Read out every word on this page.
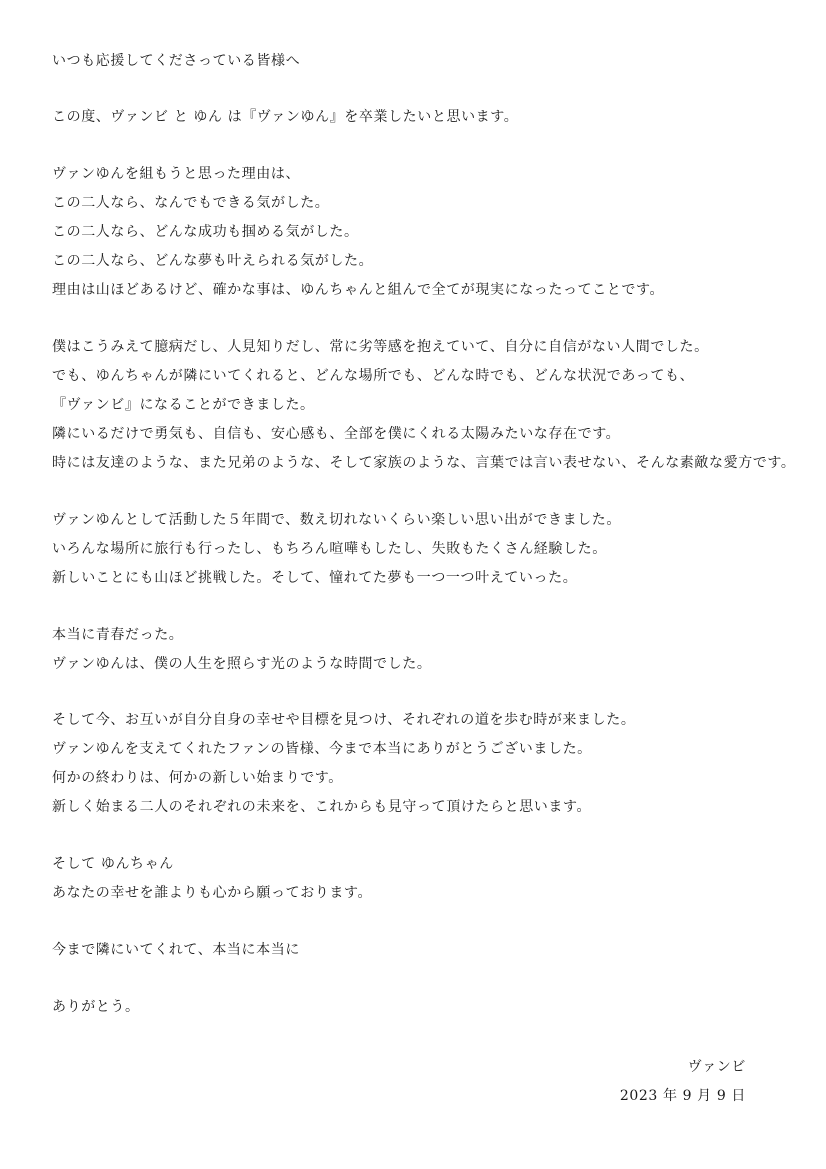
いつも応援してくださっている皆様へ
この度、ヴァンビ と ゆん は『ヴァンゆん』を卒業したいと思います。
ヴァンゆんを組もうと思った理由は、
この二人なら、なんでもできる気がした。
この二人なら、どんな成功も掴める気がした。
この二人なら、どんな夢も叶えられる気がした。
理由は山ほどあるけど、確かな事は、ゆんちゃんと組んで全てが現実になったってことです。
僕はこうみえて臆病だし、人見知りだし、常に劣等感を抱えていて、自分に自信がない人間でした。
でも、ゆんちゃんが隣にいてくれると、どんな場所でも、どんな時でも、どんな状況であっても、
『ヴァンビ』になることができました。
隣にいるだけで勇気も、自信も、安心感も、全部を僕にくれる太陽みたいな存在です。
時には友達のような、また兄弟のような、そして家族のような、言葉では言い表せない、そんな素敵な愛方です。
ヴァンゆんとして活動した５年間で、数え切れないくらい楽しい思い出ができました。
いろんな場所に旅行も行ったし、もちろん喧嘩もしたし、失敗もたくさん経験した。
新しいことにも山ほど挑戦した。そして、憧れてた夢も一つ一つ叶えていった。
本当に青春だった。
ヴァンゆんは、僕の人生を照らす光のような時間でした。
そして今、お互いが自分自身の幸せや目標を見つけ、それぞれの道を歩む時が来ました。
ヴァンゆんを支えてくれたファンの皆様、今まで本当にありがとうございました。
何かの終わりは、何かの新しい始まりです。
新しく始まる二人のそれぞれの未来を、これからも見守って頂けたらと思います。
そして ゆんちゃん
あなたの幸せを誰よりも心から願っております。
今まで隣にいてくれて、本当に本当に
ありがとう。
ヴァンビ
2023 年 9 月 9 日
